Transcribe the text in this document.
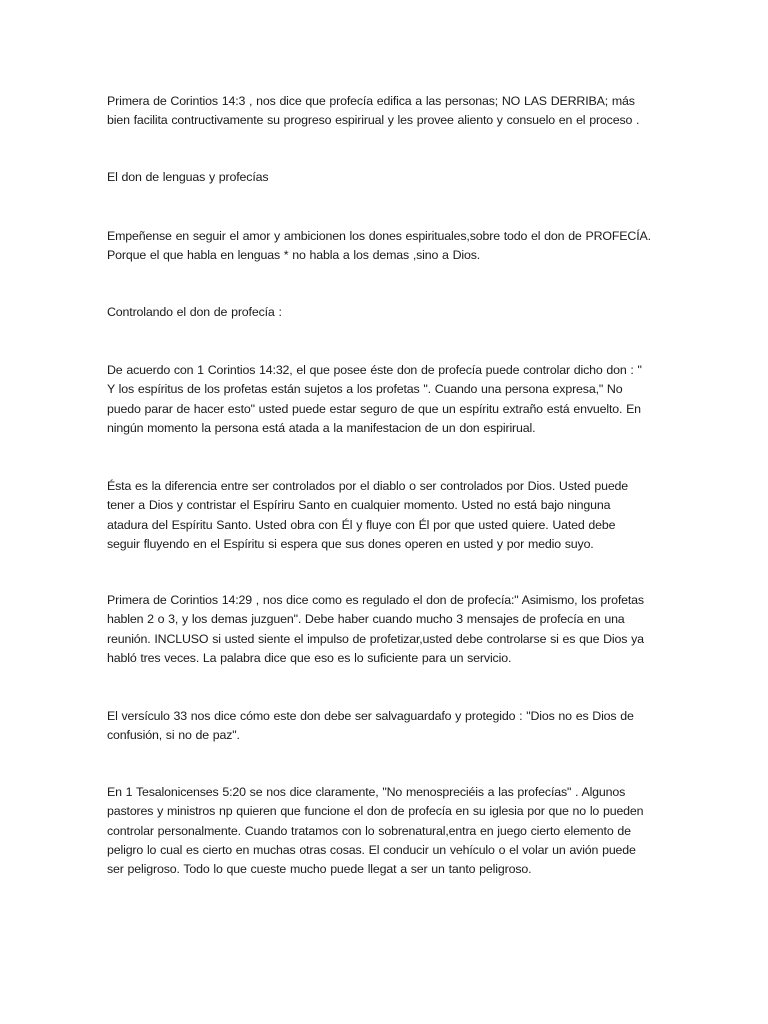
Primera de Corintios 14:3 , nos dice que profecía edifica a las personas; NO LAS DERRIBA; más
bien facilita contructivamente su progreso espirirual y les provee aliento y consuelo en el proceso .

El don de lenguas y profecías

Empeñense en seguir el amor y ambicionen los dones espirituales,sobre todo el don de PROFECÍA.
Porque el que habla en lenguas * no habla a los demas ,sino a Dios.

Controlando el don de profecía :

De acuerdo con 1 Corintios 14:32, el que posee éste don de profecía puede controlar dicho don : "
Y los espíritus de los profetas están sujetos a los profetas ". Cuando una persona expresa," No
puedo parar de hacer esto" usted puede estar seguro de que un espíritu extraño está envuelto. En
ningún momento la persona está atada a la manifestacion de un don espirirual.

Ésta es la diferencia entre ser controlados por el diablo o ser controlados por Dios. Usted puede
tener a Dios y contristar el Espíriru Santo en cualquier momento. Usted no está bajo ninguna
atadura del Espíritu Santo. Usted obra con Él y fluye con Él por que usted quiere. Uated debe
seguir fluyendo en el Espíritu si espera que sus dones operen en usted y por medio suyo.

Primera de Corintios 14:29 , nos dice como es regulado el don de profecía:" Asimismo, los profetas
hablen 2 o 3, y los demas juzguen". Debe haber cuando mucho 3 mensajes de profecía en una
reunión. INCLUSO si usted siente el impulso de profetizar,usted debe controlarse si es que Dios ya
habló tres veces. La palabra dice que eso es lo suficiente para un servicio.

El versículo 33 nos dice cómo este don debe ser salvaguardafo y protegido : "Dios no es Dios de
confusión, si no de paz".

En 1 Tesalonicenses 5:20 se nos dice claramente, "No menospreciéis a las profecías" . Algunos
pastores y ministros np quieren que funcione el don de profecía en su iglesia por que no lo pueden
controlar personalmente. Cuando tratamos con lo sobrenatural,entra en juego cierto elemento de
peligro lo cual es cierto en muchas otras cosas. El conducir un vehículo o el volar un avión puede
ser peligroso. Todo lo que cueste mucho puede llegat a ser un tanto peligroso.
